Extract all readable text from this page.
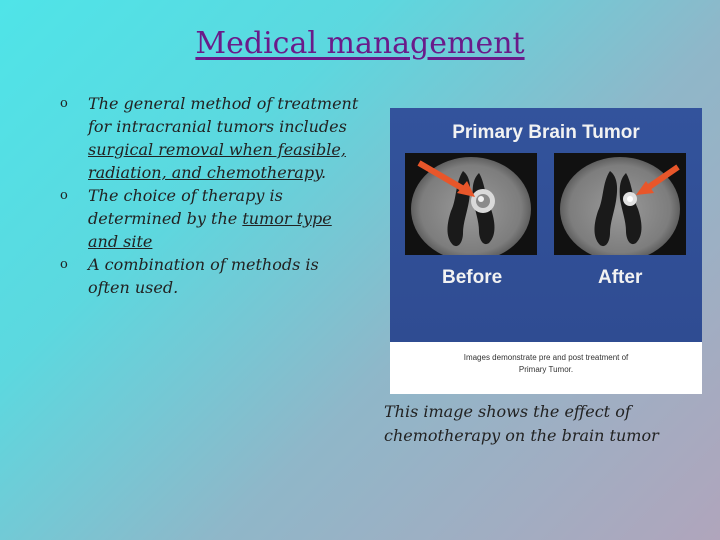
Medical management
o The general method of treatment for intracranial tumors includes surgical removal when feasible, radiation, and chemotherapy.
o The choice of therapy is determined by the tumor type and site
o A combination of methods is often used.
Primary Brain Tumor
Before	After
Images demonstrate pre and post treatment of Primary Tumor.
This image shows the effect of chemotherapy on the brain tumor
